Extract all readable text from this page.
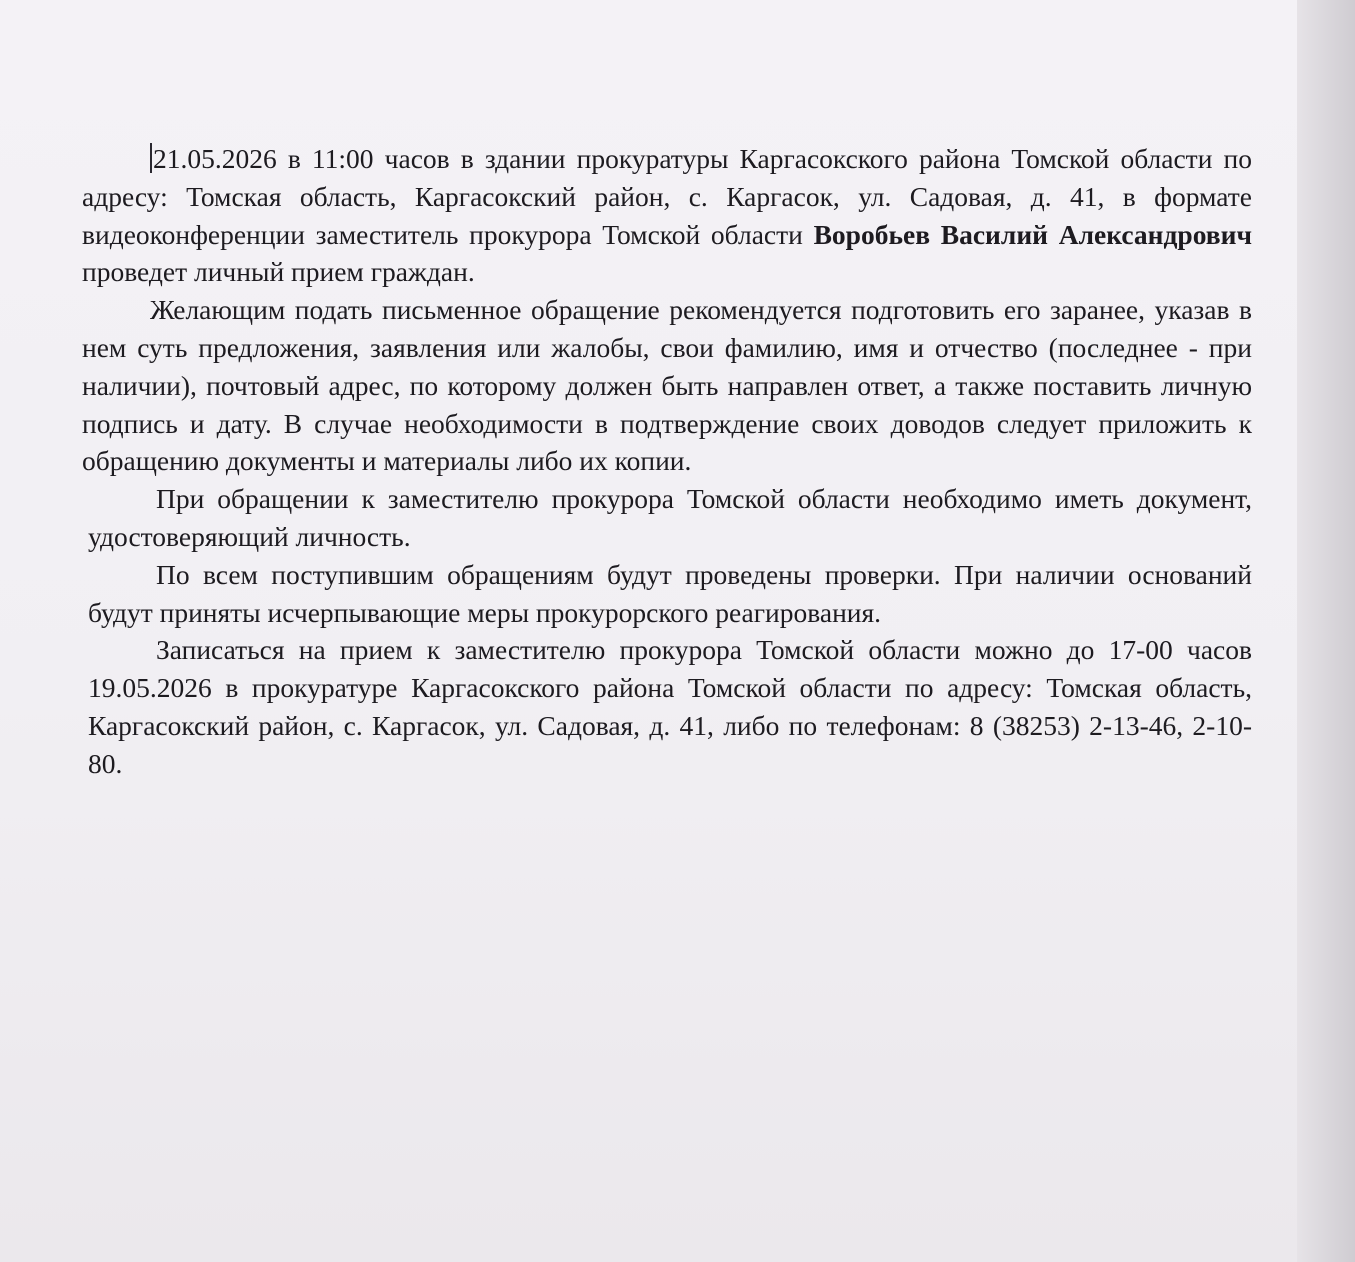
21.05.2026 в 11:00 часов в здании прокуратуры Каргасокского района Томской области по адресу: Томская область, Каргасокский район, с. Каргасок, ул. Садовая, д. 41, в формате видеоконференции заместитель прокурора Томской области Воробьев Василий Александрович проведет личный прием граждан.

Желающим подать письменное обращение рекомендуется подготовить его заранее, указав в нем суть предложения, заявления или жалобы, свои фамилию, имя и отчество (последнее - при наличии), почтовый адрес, по которому должен быть направлен ответ, а также поставить личную подпись и дату. В случае необходимости в подтверждение своих доводов следует приложить к обращению документы и материалы либо их копии.

При обращении к заместителю прокурора Томской области необходимо иметь документ, удостоверяющий личность.

По всем поступившим обращениям будут проведены проверки. При наличии оснований будут приняты исчерпывающие меры прокурорского реагирования.

Записаться на прием к заместителю прокурора Томской области можно до 17-00 часов 19.05.2026 в прокуратуре Каргасокского района Томской области по адресу: Томская область, Каргасокский район, с. Каргасок, ул. Садовая, д. 41, либо по телефонам: 8 (38253) 2-13-46, 2-10-80.
